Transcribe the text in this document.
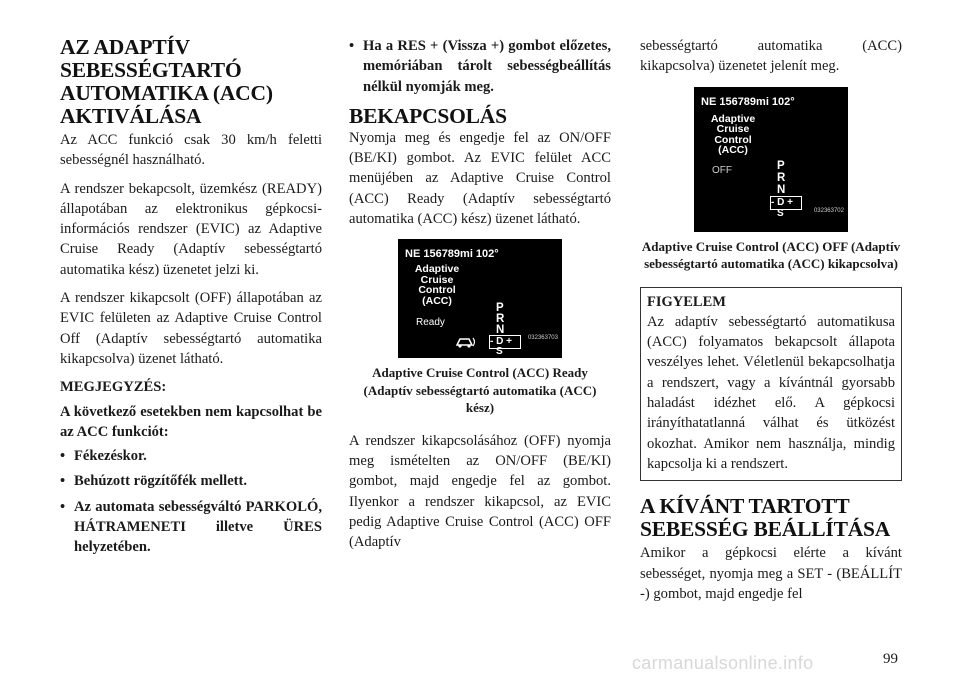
AZ ADAPTÍV SEBESSÉGTARTÓ AUTOMATIKA (ACC) AKTIVÁLÁSA

Az ACC funkció csak 30 km/h feletti sebességnél használható.

A rendszer bekapcsolt, üzemkész (READY) állapotában az elektronikus gépkocsi-információs rendszer (EVIC) az Adaptive Cruise Ready (Adaptív sebességtartó automatika kész) üzenetet jelzi ki.

A rendszer kikapcsolt (OFF) állapotában az EVIC felületen az Adaptive Cruise Control Off (Adaptív sebességtartó automatika kikapcsolva) üzenet látható.

MEGJEGYZÉS:

A következő esetekben nem kapcsolhat be az ACC funkciót:

• Fékezéskor.
• Behúzott rögzítőfék mellett.
• Az automata sebességváltó PARKOLÓ, HÁTRAMENETI illetve ÜRES helyzetében.
• Ha a RES + (Vissza +) gombot előzetes, memóriában tárolt sebességbeállítás nélkül nyomják meg.
BEKAPCSOLÁS

Nyomja meg és engedje fel az ON/OFF (BE/KI) gombot. Az EVIC felület ACC menüjében az Adaptive Cruise Control (ACC) Ready (Adaptív sebességtartó automatika (ACC) kész) üzenet látható.

NE 156789mi 102°
Adaptive
Cruise
Control
(ACC)
Ready
P
R
N
- D +
S
032363703
Adaptive Cruise Control (ACC) Ready (Adaptív sebességtartó automatika (ACC) kész)

A rendszer kikapcsolásához (OFF) nyomja meg ismételten az ON/OFF (BE/KI) gombot, majd engedje fel az gombot. Ilyenkor a rendszer kikapcsol, az EVIC pedig Adaptive Cruise Control (ACC) OFF (Adaptív

sebességtartó automatika (ACC) kikapcsolva) üzenetet jelenít meg.

NE 156789mi 102°
Adaptive
Cruise
Control
(ACC)
OFF	P
R
N
- D +
S	032363702
Adaptive Cruise Control (ACC) OFF (Adaptív sebességtartó automatika (ACC) kikapcsolva)

FIGYELEM

Az adaptív sebességtartó automatikusa (ACC) folyamatos bekapcsolt állapota veszélyes lehet. Véletlenül bekapcsolhatja a rendszert, vagy a kívántnál gyorsabb haladást idézhet elő. A gépkocsi irányíthatatlanná válhat és ütközést okozhat. Amikor nem használja, mindig kapcsolja ki a rendszert.

A KÍVÁNT TARTOTT SEBESSÉG BEÁLLÍTÁSA

Amikor a gépkocsi elérte a kívánt sebességet, nyomja meg a SET - (BEÁLLÍT -) gombot, majd engedje fel

carmanualsonline.info	99
